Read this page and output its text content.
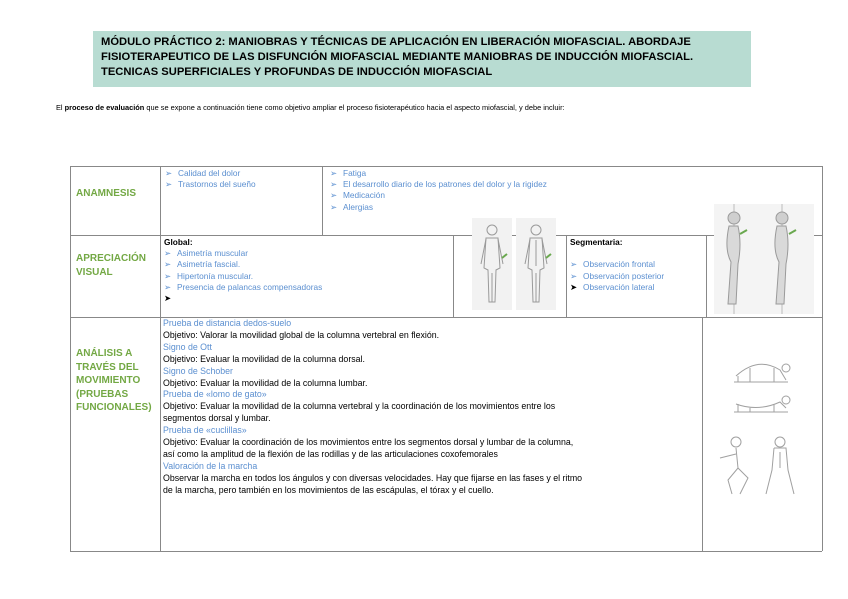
MÓDULO PRÁCTICO 2: MANIOBRAS Y TÉCNICAS DE APLICACIÓN EN LIBERACIÓN MIOFASCIAL. ABORDAJE
FISIOTERAPEUTICO DE LAS DISFUNCIÓN MIOFASCIAL MEDIANTE MANIOBRAS DE INDUCCIÓN MIOFASCIAL.
TECNICAS SUPERFICIALES Y PROFUNDAS DE INDUCCIÓN MIOFASCIAL
El proceso de evaluación que se expone a continuación tiene como objetivo ampliar el proceso fisioterapéutico hacia el aspecto miofascial, y debe incluir:
ANAMNESIS
➢ Calidad del dolor
➢ Trastornos del sueño
➢ Fatiga
➢ El desarrollo diario de los patrones del dolor y la rigidez
➢ Medicación
➢ Alergias
APRECIACIÓN
VISUAL
Global:
➢ Asimetría muscular
➢ Asimetría fascial.
➢ Hipertonía muscular.
➢ Presencia de palancas compensadoras
➤
Segmentaria:
➢ Observación frontal
➢ Observación posterior
➤ Observación lateral
ANÁLISIS A
TRAVÉS DEL
MOVIMIENTO
(PRUEBAS
FUNCIONALES)
Prueba de distancia dedos-suelo
Objetivo: Valorar la movilidad global de la columna vertebral en flexión.
Signo de Ott
Objetivo: Evaluar la movilidad de la columna dorsal.
Signo de Schober
Objetivo: Evaluar la movilidad de la columna lumbar.
Prueba de «lomo de gato»
Objetivo: Evaluar la movilidad de la columna vertebral y la coordinación de los movimientos entre los
segmentos dorsal y lumbar.
Prueba de «cuclillas»
Objetivo: Evaluar la coordinación de los movimientos entre los segmentos dorsal y lumbar de la columna,
así como la amplitud de la flexión de las rodillas y de las articulaciones coxofemorales
Valoración de la marcha
Observar la marcha en todos los ángulos y con diversas velocidades. Hay que fijarse en las fases y el ritmo
de la marcha, pero también en los movimientos de las escápulas, el tórax y el cuello.
